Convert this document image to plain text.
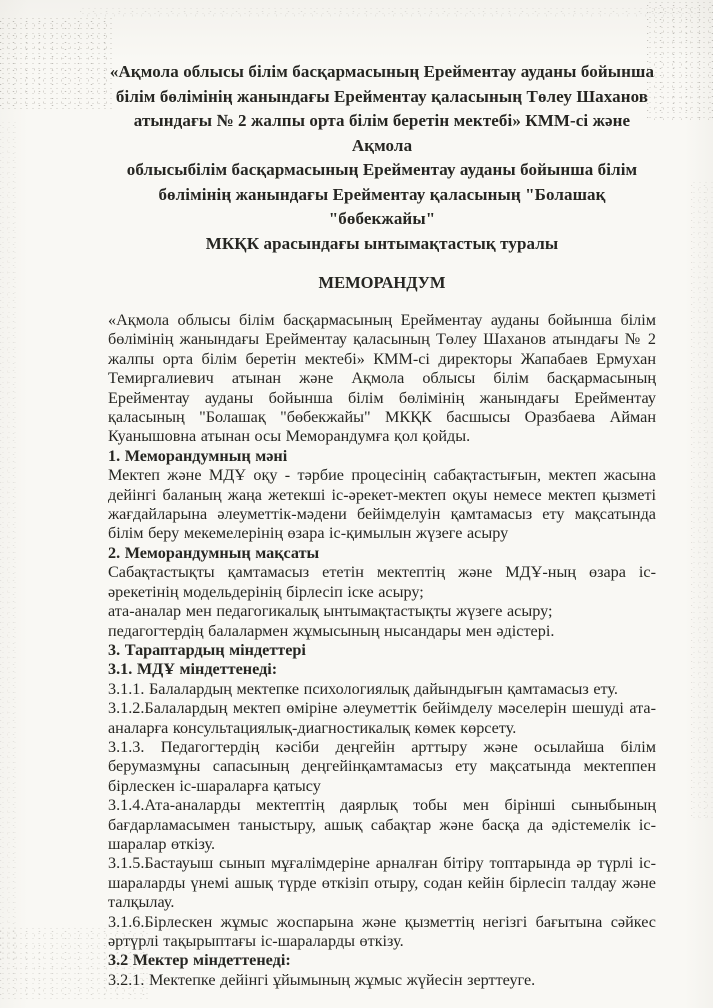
«Ақмола облысы білім басқармасының Ерейментау ауданы бойынша
білім бөлімінің жанындағы Ерейментау қаласының Төлеу Шаханов
атындағы № 2 жалпы орта білім беретін мектебі» КММ-сі және Ақмола
облысыбілім басқармасының Ерейментау ауданы бойынша білім
бөлімінің жанындағы Ерейментау қаласының "Болашақ "бөбекжайы"
МКҚК арасындағы ынтымақтастық туралы
МЕМОРАНДУМ

«Ақмола облысы білім басқармасының Ерейментау ауданы бойынша білім бөлімінің жанындағы Ерейментау қаласының Төлеу Шаханов атындағы № 2 жалпы орта білім беретін мектебі» КММ-сі директоры Жапабаев Ермухан Темиргалиевич атынан және Ақмола облысы білім басқармасының Ерейментау ауданы бойынша білім бөлімінің жанындағы Ерейментау қаласының "Болашақ "бөбекжайы" МКҚК басшысы Оразбаева Айман Куанышовна атынан осы Меморандумға қол қойды.

1. Меморандумның мәні

Мектеп және МДҰ оқу - тәрбие процесінің сабақтастығын, мектеп жасына дейінгі баланың жаңа жетекші іс-әрекет-мектеп оқуы немесе мектеп қызметі жағдайларына әлеуметтік-мәдени бейімделуін қамтамасыз ету мақсатында білім беру мекемелерінің өзара іс-қимылын жүзеге асыру

2. Меморандумның мақсаты

Сабақтастықты қамтамасыз ететін мектептің және МДҰ-ның өзара іс-әрекетінің модельдерінің бірлесіп іске асыру;

ата-аналар мен педагогикалық ынтымақтастықты жүзеге асыру;

педагогтердің балалармен жұмысының нысандары мен әдістері.

3. Тараптардың міндеттері

3.1. МДҰ міндеттенеді:

3.1.1. Балалардың мектепке психологиялық дайындығын қамтамасыз ету.

3.1.2.Балалардың мектеп өміріне әлеуметтік бейімделу мәселерін шешуді ата-аналарға консультациялық-диагностикалық көмек көрсету.

3.1.3. Педагогтердің кәсіби деңгейін арттыру және осылайша білім берумазмұны сапасының деңгейінқамтамасыз ету мақсатында мектеппен бірлескен іс-шараларға қатысу

3.1.4.Ата-аналарды мектептің даярлық тобы мен бірінші сыныбының бағдарламасымен таныстыру, ашық сабақтар және басқа да әдістемелік іс-шаралар өткізу.

3.1.5.Бастауыш сынып мұғалімдеріне арналған бітіру топтарында әр түрлі іс-шараларды үнемі ашық түрде өткізіп отыру, содан кейін бірлесіп талдау және талқылау.

3.1.6.Бірлескен жұмыс жоспарына және қызметтің негізгі бағытына сәйкес әртүрлі тақырыптағы іс-шараларды өткізу.

3.2 Мектер міндеттенеді:

3.2.1. Мектепке дейінгі ұйымының жұмыс жүйесін зерттеуге.
